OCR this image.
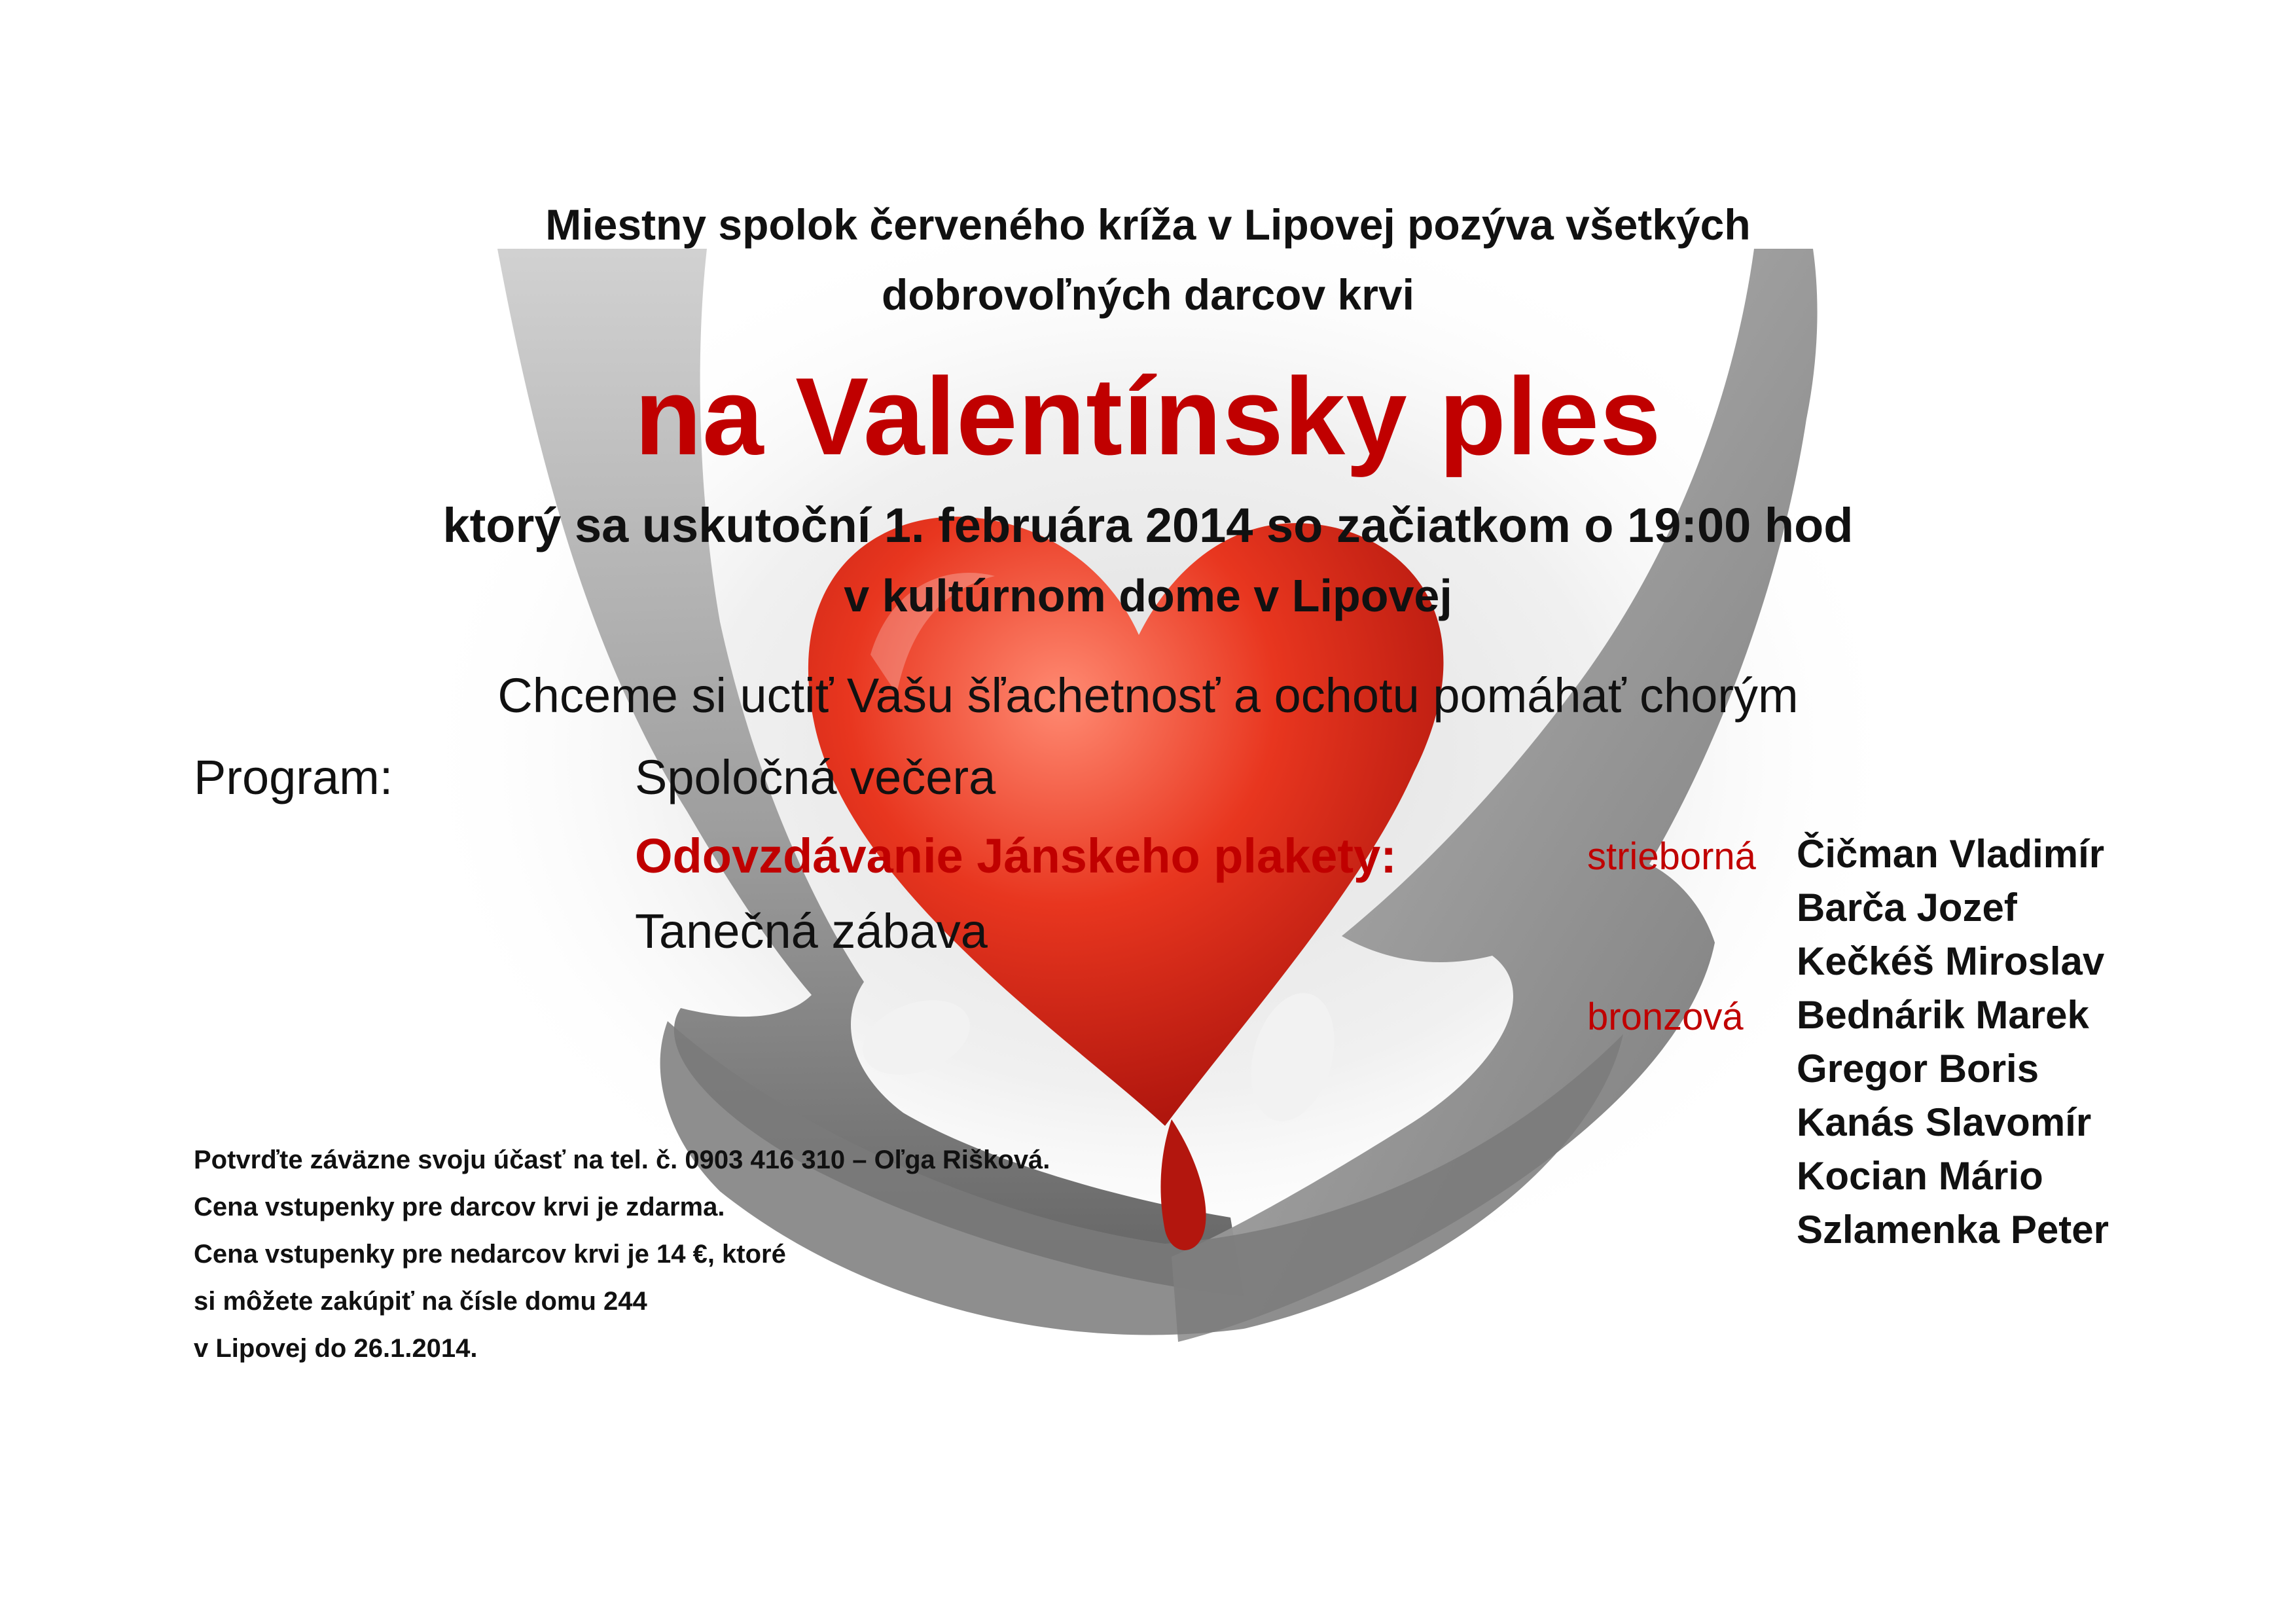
Miestny spolok červeného kríža v Lipovej pozýva všetkých
dobrovoľných darcov krvi
na Valentínsky ples
ktorý sa uskutoční 1. februára 2014 so začiatkom o 19:00 hod
v kultúrnom dome v Lipovej
Chceme si uctiť Vašu šľachetnosť a ochotu pomáhať chorým
Program:	Spoločná večera
Odovzdávanie Jánskeho plakety:
Tanečná zábava
strieborná
bronzová
Čičman Vladimír
Barča Jozef
Kečkéš Miroslav
Bednárik Marek
Gregor Boris
Kanás Slavomír
Kocian Mário
Szlamenka Peter
Potvrďte záväzne svoju účasť na tel. č. 0903 416 310 – Oľga Rišková.
Cena vstupenky pre darcov krvi je zdarma.
Cena vstupenky pre nedarcov krvi je 14 €, ktoré
si môžete zakúpiť na čísle domu 244
v Lipovej do 26.1.2014.
